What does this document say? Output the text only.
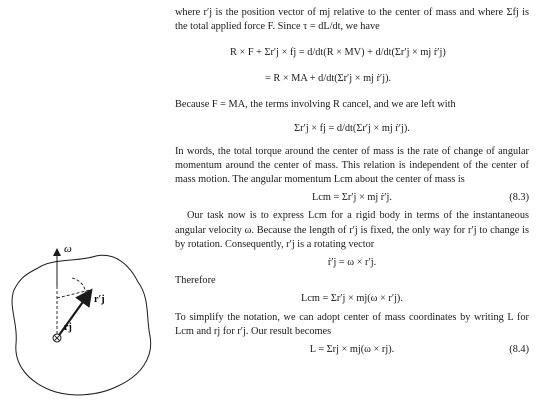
ω
r′j
rj

where r′j is the position vector of mj relative to the center of mass and where Σfj is the total applied force F. Since τ = dL/dt, we have

R × F + Σr′j × fj = d/dt(R × MV) + d/dt(Σr′j × mj ṙ′j)
= R × MA + d/dt(Σr′j × mj ṙ′j).

Because F = MA, the terms involving R cancel, and we are left with

Σr′j × fj = d/dt(Σr′j × mj ṙ′j).

In words, the total torque around the center of mass is the rate of change of angular momentum around the center of mass. This relation is independent of the center of mass motion. The angular momentum Lcm about the center of mass is

Lcm = Σr′j × mj ṙ′j.	(8.3)

Our task now is to express Lcm for a rigid body in terms of the instantaneous angular velocity ω. Because the length of r′j is fixed, the only way for r′j to change is by rotation. Consequently, r′j is a rotating vector

ṙ′j = ω × r′j.

Therefore

Lcm = Σr′j × mj(ω × r′j).

To simplify the notation, we can adopt center of mass coordinates by writing L for Lcm and rj for r′j. Our result becomes

L = Σrj × mj(ω × rj).	(8.4)
